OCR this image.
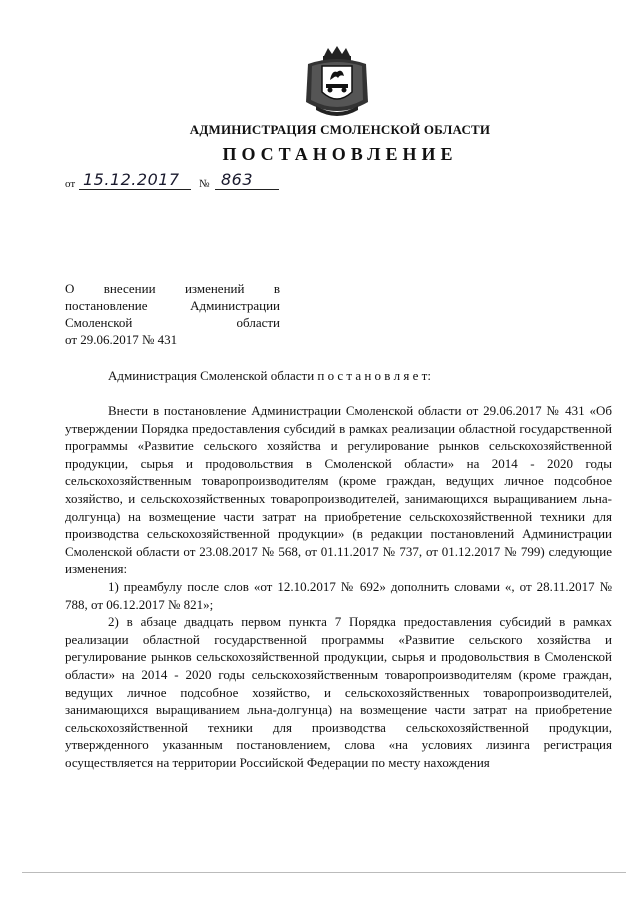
АДМИНИСТРАЦИЯ СМОЛЕНСКОЙ ОБЛАСТИ
ПОСТАНОВЛЕНИЕ
от 15.12.2017 № 863
О внесении изменений в
постановление Администрации
Смоленской области
от 29.06.2017 № 431
Администрация Смоленской области п о с т а н о в л я е т:

Внести в постановление Администрации Смоленской области от 29.06.2017 № 431 «Об утверждении Порядка предоставления субсидий в рамках реализации областной государственной программы «Развитие сельского хозяйства и регулирование рынков сельскохозяйственной продукции, сырья и продовольствия в Смоленской области» на 2014 - 2020 годы сельскохозяйственным товаропроизводителям (кроме граждан, ведущих личное подсобное хозяйство, и сельскохозяйственных товаропроизводителей, занимающихся выращиванием льна-долгунца) на возмещение части затрат на приобретение сельскохозяйственной техники для производства сельскохозяйственной продукции» (в редакции постановлений Администрации Смоленской области от 23.08.2017 № 568, от 01.11.2017 № 737, от 01.12.2017 № 799) следующие изменения:

1) преамбулу после слов «от 12.10.2017 № 692» дополнить словами «, от 28.11.2017 № 788, от 06.12.2017 № 821»;

2) в абзаце двадцать первом пункта 7 Порядка предоставления субсидий в рамках реализации областной государственной программы «Развитие сельского хозяйства и регулирование рынков сельскохозяйственной продукции, сырья и продовольствия в Смоленской области» на 2014 - 2020 годы сельскохозяйственным товаропроизводителям (кроме граждан, ведущих личное подсобное хозяйство, и сельскохозяйственных товаропроизводителей, занимающихся выращиванием льна-долгунца) на возмещение части затрат на приобретение сельскохозяйственной техники для производства сельскохозяйственной продукции, утвержденного указанным постановлением, слова «на условиях лизинга регистрация осуществляется на территории Российской Федерации по месту нахождения
